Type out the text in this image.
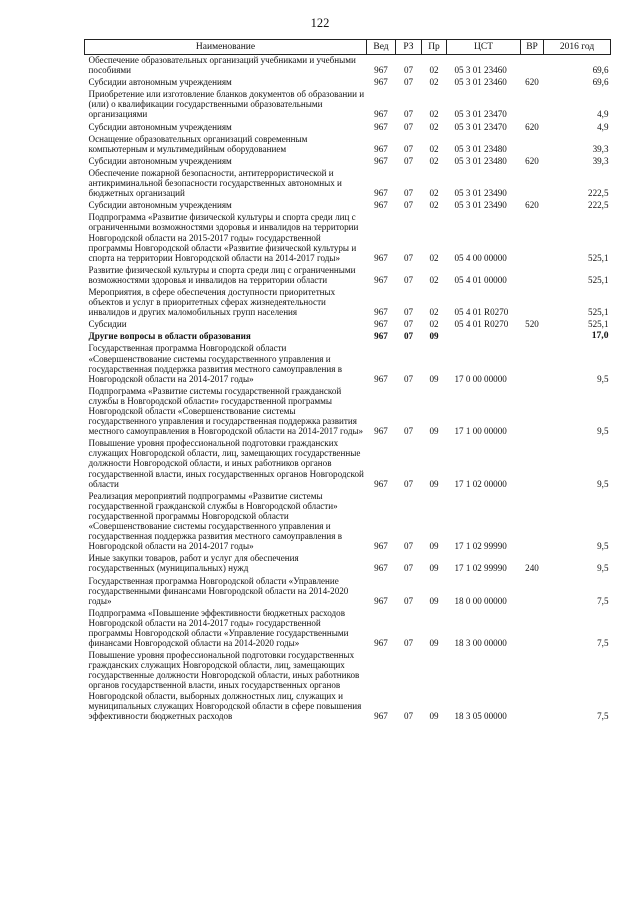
122
Наименование	Вед	РЗ	Пр	ЦСТ	ВР	2016 год
Обеспечение образовательных организаций учебниками и учебными пособиями	967	07	02	05 3 01 23460		69,6
Субсидии автономным учреждениям	967	07	02	05 3 01 23460	620	69,6
Приобретение или изготовление бланков документов об образовании и (или) о квалификации государственными образовательными организациями	967	07	02	05 3 01 23470		4,9
Субсидии автономным учреждениям	967	07	02	05 3 01 23470	620	4,9
Оснащение образовательных организаций современным компьютерным и мультимедийным оборудованием	967	07	02	05 3 01 23480		39,3
Субсидии автономным учреждениям	967	07	02	05 3 01 23480	620	39,3
Обеспечение пожарной безопасности, антитеррористической и антикриминальной безопасности государственных автономных и бюджетных организаций	967	07	02	05 3 01 23490		222,5
Субсидии автономным учреждениям	967	07	02	05 3 01 23490	620	222,5
Подпрограмма «Развитие физической культуры и спорта среди лиц с ограниченными возможностями здоровья и инвалидов на территории Новгородской области на 2015-2017 годы» государственной программы Новгородской области «Развитие физической культуры и спорта на территории Новгородской области на 2014-2017 годы»	967	07	02	05 4 00 00000		525,1
Развитие физической культуры и спорта среди лиц с ограниченными возможностями здоровья и инвалидов на территории области	967	07	02	05 4 01 00000		525,1
Мероприятия, в сфере обеспечения доступности приоритетных объектов и услуг в приоритетных сферах жизнедеятельности инвалидов и других маломобильных групп населения	967	07	02	05 4 01 R0270		525,1
Субсидии	967	07	02	05 4 01 R0270	520	525,1
Другие вопросы в области образования	967	07	09			17,0
Государственная программа Новгородской области «Совершенствование системы государственного управления и государственная поддержка развития местного самоуправления в Новгородской области на 2014-2017 годы»	967	07	09	17 0 00 00000		9,5
Подпрограмма «Развитие системы государственной гражданской службы в Новгородской области» государственной программы Новгородской области «Совершенствование системы государственного управления и государственная поддержка развития местного самоуправления в Новгородской области на 2014-2017 годы»	967	07	09	17 1 00 00000		9,5
Повышение уровня профессиональной подготовки гражданских служащих Новгородской области, лиц, замещающих государственные должности Новгородской области, и иных работников органов государственной власти, иных государственных органов Новгородской области	967	07	09	17 1 02 00000		9,5
Реализация мероприятий подпрограммы «Развитие системы государственной гражданской службы в Новгородской области» государственной программы Новгородской области «Совершенствование системы государственного управления и государственная поддержка развития местного самоуправления в Новгородской области на 2014-2017 годы»	967	07	09	17 1 02 99990		9,5
Иные закупки товаров, работ и услуг для обеспечения государственных (муниципальных) нужд	967	07	09	17 1 02 99990	240	9,5
Государственная программа Новгородской области «Управление государственными финансами Новгородской области на 2014-2020 годы»	967	07	09	18 0 00 00000		7,5
Подпрограмма «Повышение эффективности бюджетных расходов Новгородской области на 2014-2017 годы» государственной программы Новгородской области «Управление государственными финансами Новгородской области на 2014-2020 годы»	967	07	09	18 3 00 00000		7,5
Повышение уровня профессиональной подготовки государственных гражданских служащих Новгородской области, лиц, замещающих государственные должности Новгородской области, иных работников органов государственной власти, иных государственных органов Новгородской области, выборных должностных лиц, служащих и муниципальных служащих Новгородской области в сфере повышения эффективности бюджетных расходов	967	07	09	18 3 05 00000		7,5
